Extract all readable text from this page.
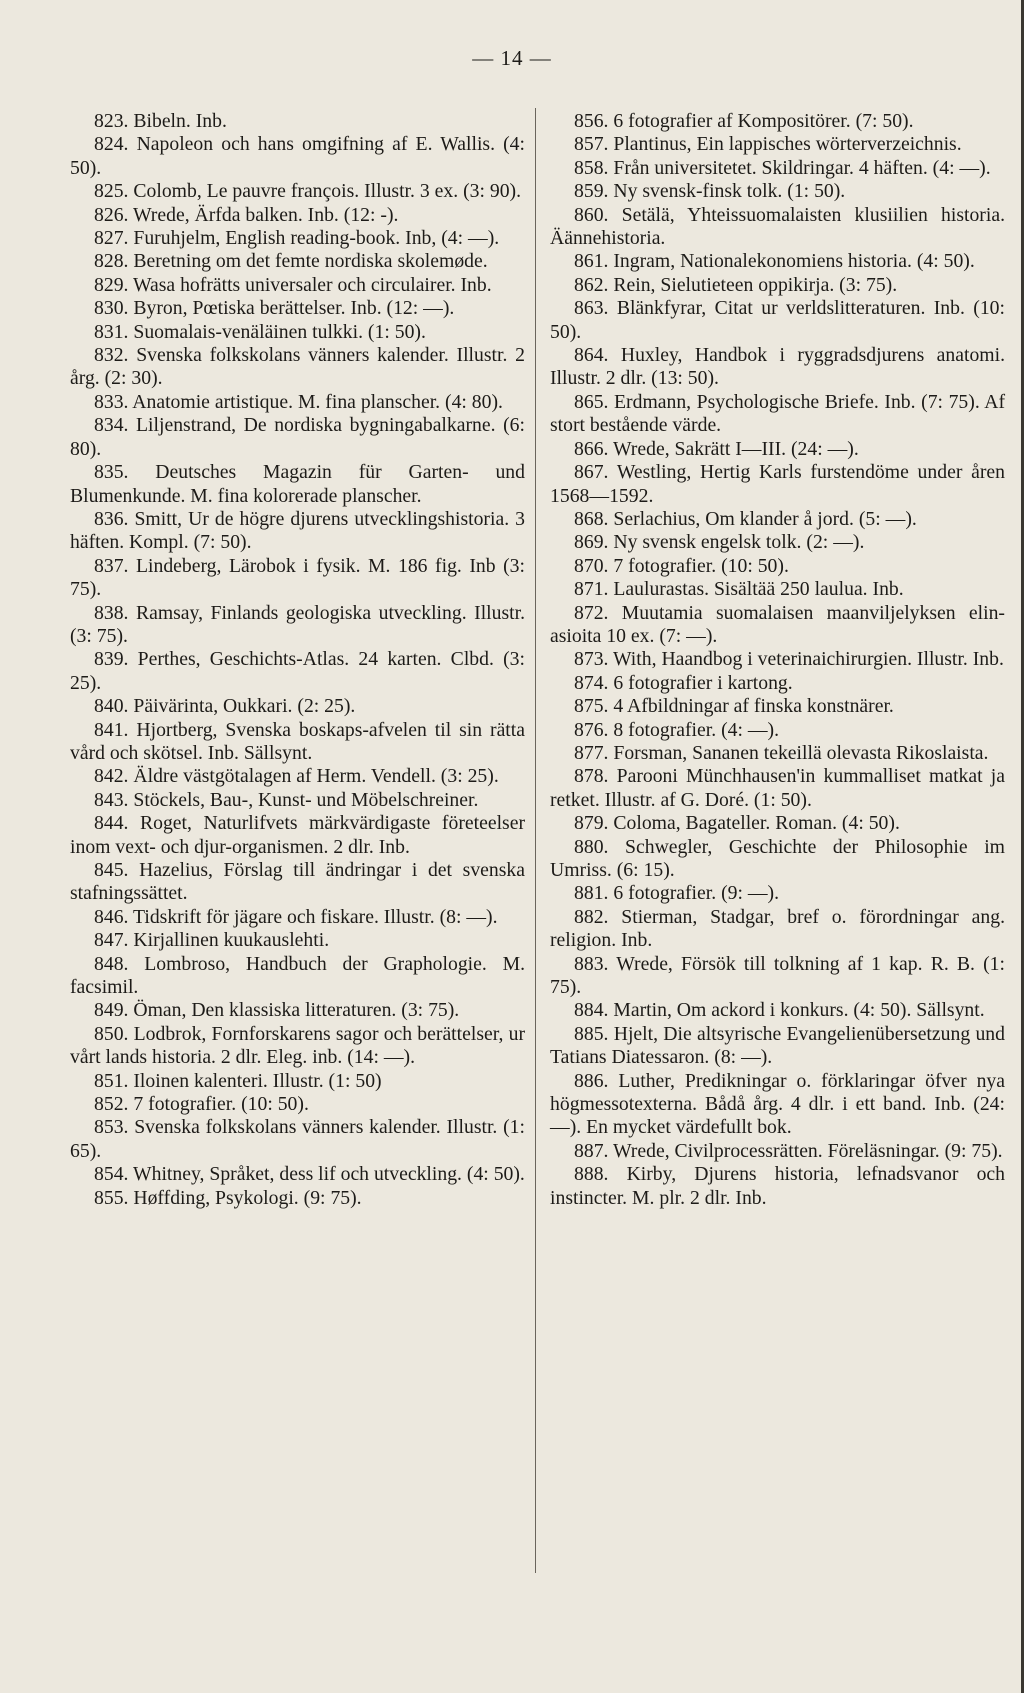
— 14 —

823. Bibeln. Inb.

824. Napoleon och hans omgifning af E. Wallis. (4: 50).

825. Colomb, Le pauvre françois. Illustr. 3 ex. (3: 90).

826. Wrede, Ärfda balken. Inb. (12: -).

827. Furuhjelm, English reading-book. Inb, (4: —).

828. Beretning om det femte nordiska skolemøde.

829. Wasa hofrätts universaler och circulairer. Inb.

830. Byron, Pœtiska berättelser. Inb. (12: —).

831. Suomalais-venäläinen tulkki. (1: 50).

832. Svenska folkskolans vänners kalender. Illustr. 2 årg. (2: 30).

833. Anatomie artistique. M. fina planscher. (4: 80).

834. Liljenstrand, De nordiska bygningabalkarne. (6: 80).

835. Deutsches Magazin für Garten- und Blumenkunde. M. fina kolorerade planscher.

836. Smitt, Ur de högre djurens utvecklingshistoria. 3 häften. Kompl. (7: 50).

837. Lindeberg, Lärobok i fysik. M. 186 fig. Inb (3: 75).

838. Ramsay, Finlands geologiska utveckling. Illustr. (3: 75).

839. Perthes, Geschichts-Atlas. 24 karten. Clbd. (3: 25).

840. Päivärinta, Oukkari. (2: 25).

841. Hjortberg, Svenska boskaps-afvelen til sin rätta vård och skötsel. Inb. Sällsynt.

842. Äldre västgötalagen af Herm. Vendell. (3: 25).

843. Stöckels, Bau-, Kunst- und Möbelschreiner.

844. Roget, Naturlifvets märkvärdigaste företeelser inom vext- och djur-organismen. 2 dlr. Inb.

845. Hazelius, Förslag till ändringar i det svenska stafningssättet.

846. Tidskrift för jägare och fiskare. Illustr. (8: —).

847. Kirjallinen kuukauslehti.

848. Lombroso, Handbuch der Graphologie. M. facsimil.

849. Öman, Den klassiska litteraturen. (3: 75).

850. Lodbrok, Fornforskarens sagor och berättelser, ur vårt lands historia. 2 dlr. Eleg. inb. (14: —).

851. Iloinen kalenteri. Illustr. (1: 50)

852. 7 fotografier. (10: 50).

853. Svenska folkskolans vänners kalender. Illustr. (1: 65).

854. Whitney, Språket, dess lif och utveckling. (4: 50).

855. Høffding, Psykologi. (9: 75).

856. 6 fotografier af Kompositörer. (7: 50).

857. Plantinus, Ein lappisches wörterverzeichnis.

858. Från universitetet. Skildringar. 4 häften. (4: —).

859. Ny svensk-finsk tolk. (1: 50).

860. Setälä, Yhteissuomalaisten klusiilien historia. Äännehistoria.

861. Ingram, Nationalekonomiens historia. (4: 50).

862. Rein, Sielutieteen oppikirja. (3: 75).

863. Blänkfyrar, Citat ur verldslitteraturen. Inb. (10: 50).

864. Huxley, Handbok i ryggradsdjurens anatomi. Illustr. 2 dlr. (13: 50).

865. Erdmann, Psychologische Briefe. Inb. (7: 75). Af stort bestående värde.

866. Wrede, Sakrätt I—III. (24: —).

867. Westling, Hertig Karls furstendöme under åren 1568—1592.

868. Serlachius, Om klander å jord. (5: —).

869. Ny svensk engelsk tolk. (2: —).

870. 7 fotografier. (10: 50).

871. Laulurastas. Sisältää 250 laulua. Inb.

872. Muutamia suomalaisen maanviljelyksen elin-asioita 10 ex. (7: —).

873. With, Haandbog i veterinaichirurgien. Illustr. Inb.

874. 6 fotografier i kartong.

875. 4 Afbildningar af finska konstnärer.

876. 8 fotografier. (4: —).

877. Forsman, Sananen tekeillä olevasta Rikoslaista.

878. Parooni Münchhausen'in kummalliset matkat ja retket. Illustr. af G. Doré. (1: 50).

879. Coloma, Bagateller. Roman. (4: 50).

880. Schwegler, Geschichte der Philosophie im Umriss. (6: 15).

881. 6 fotografier. (9: —).

882. Stierman, Stadgar, bref o. förordningar ang. religion. Inb.

883. Wrede, Försök till tolkning af 1 kap. R. B. (1: 75).

884. Martin, Om ackord i konkurs. (4: 50). Sällsynt.

885. Hjelt, Die altsyrische Evangelienübersetzung und Tatians Diatessaron. (8: —).

886. Luther, Predikningar o. förklaringar öfver nya högmessotexterna. Bådå årg. 4 dlr. i ett band. Inb. (24: —). En mycket värdefullt bok.

887. Wrede, Civilprocessrätten. Föreläsningar. (9: 75).

888. Kirby, Djurens historia, lefnadsvanor och instincter. M. plr. 2 dlr. Inb.
